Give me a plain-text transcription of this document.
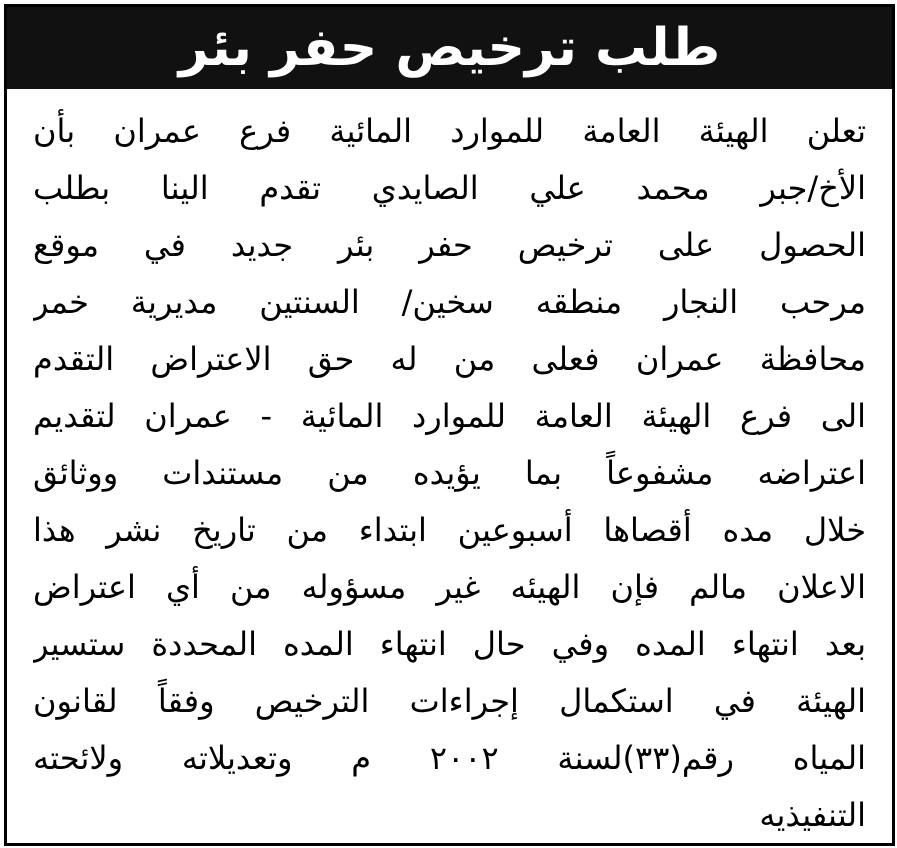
طلب ترخيص حفر بئر
تعلن الهيئة العامة للموارد المائية فرع عمران بأن
الأخ/جبر محمد علي الصايدي تقدم الينا بطلب
الحصول على ترخيص حفر بئر جديد في موقع
مرحب النجار منطقه سخين/ السنتين مديرية خمر
محافظة عمران فعلى من له حق الاعتراض التقدم
الى فرع الهيئة العامة للموارد المائية - عمران لتقديم
اعتراضه مشفوعاً بما يؤيده من مستندات ووثائق
خلال مده أقصاها أسبوعين ابتداء من تاريخ نشر هذا
الاعلان مالم فإن الهيئه غير مسؤوله من أي اعتراض
بعد انتهاء المده وفي حال انتهاء المده المحددة ستسير
الهيئة في استكمال إجراءات الترخيص وفقاً لقانون
المياه رقم(٣٣)لسنة ٢٠٠٢ م وتعديلاته ولائحته
التنفيذيه
